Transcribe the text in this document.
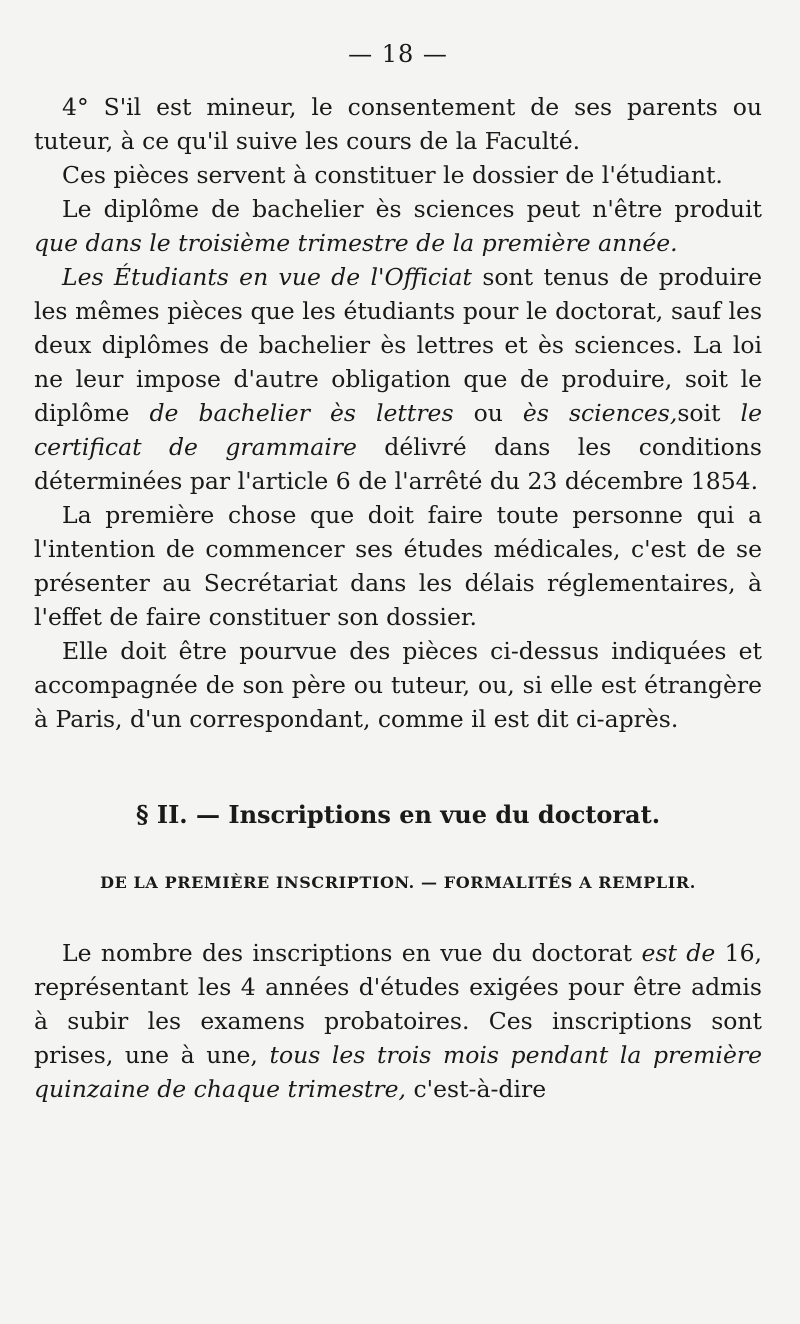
— 18 —

4° S'il est mineur, le consentement de ses parents ou tuteur, à ce qu'il suive les cours de la Faculté.

Ces pièces servent à constituer le dossier de l'étudiant.

Le diplôme de bachelier ès sciences peut n'être produit que dans le troisième trimestre de la première année.

Les Étudiants en vue de l'Officiat sont tenus de produire les mêmes pièces que les étudiants pour le doctorat, sauf les deux diplômes de bachelier ès lettres et ès sciences. La loi ne leur impose d'autre obligation que de produire, soit le diplôme de bachelier ès lettres ou ès sciences,soit le certificat de grammaire délivré dans les conditions déterminées par l'article 6 de l'arrêté du 23 décembre 1854.

La première chose que doit faire toute personne qui a l'intention de commencer ses études médicales, c'est de se présenter au Secrétariat dans les délais réglementaires, à l'effet de faire constituer son dossier.

Elle doit être pourvue des pièces ci-dessus indiquées et accompagnée de son père ou tuteur, ou, si elle est étrangère à Paris, d'un correspondant, comme il est dit ci-après.

§ II. — Inscriptions en vue du doctorat.
DE LA PREMIÈRE INSCRIPTION. — FORMALITÉS A REMPLIR.

Le nombre des inscriptions en vue du doctorat est de 16, représentant les 4 années d'études exigées pour être admis à subir les examens probatoires. Ces inscriptions sont prises, une à une, tous les trois mois pendant la première quinzaine de chaque trimestre, c'est-à-dire
